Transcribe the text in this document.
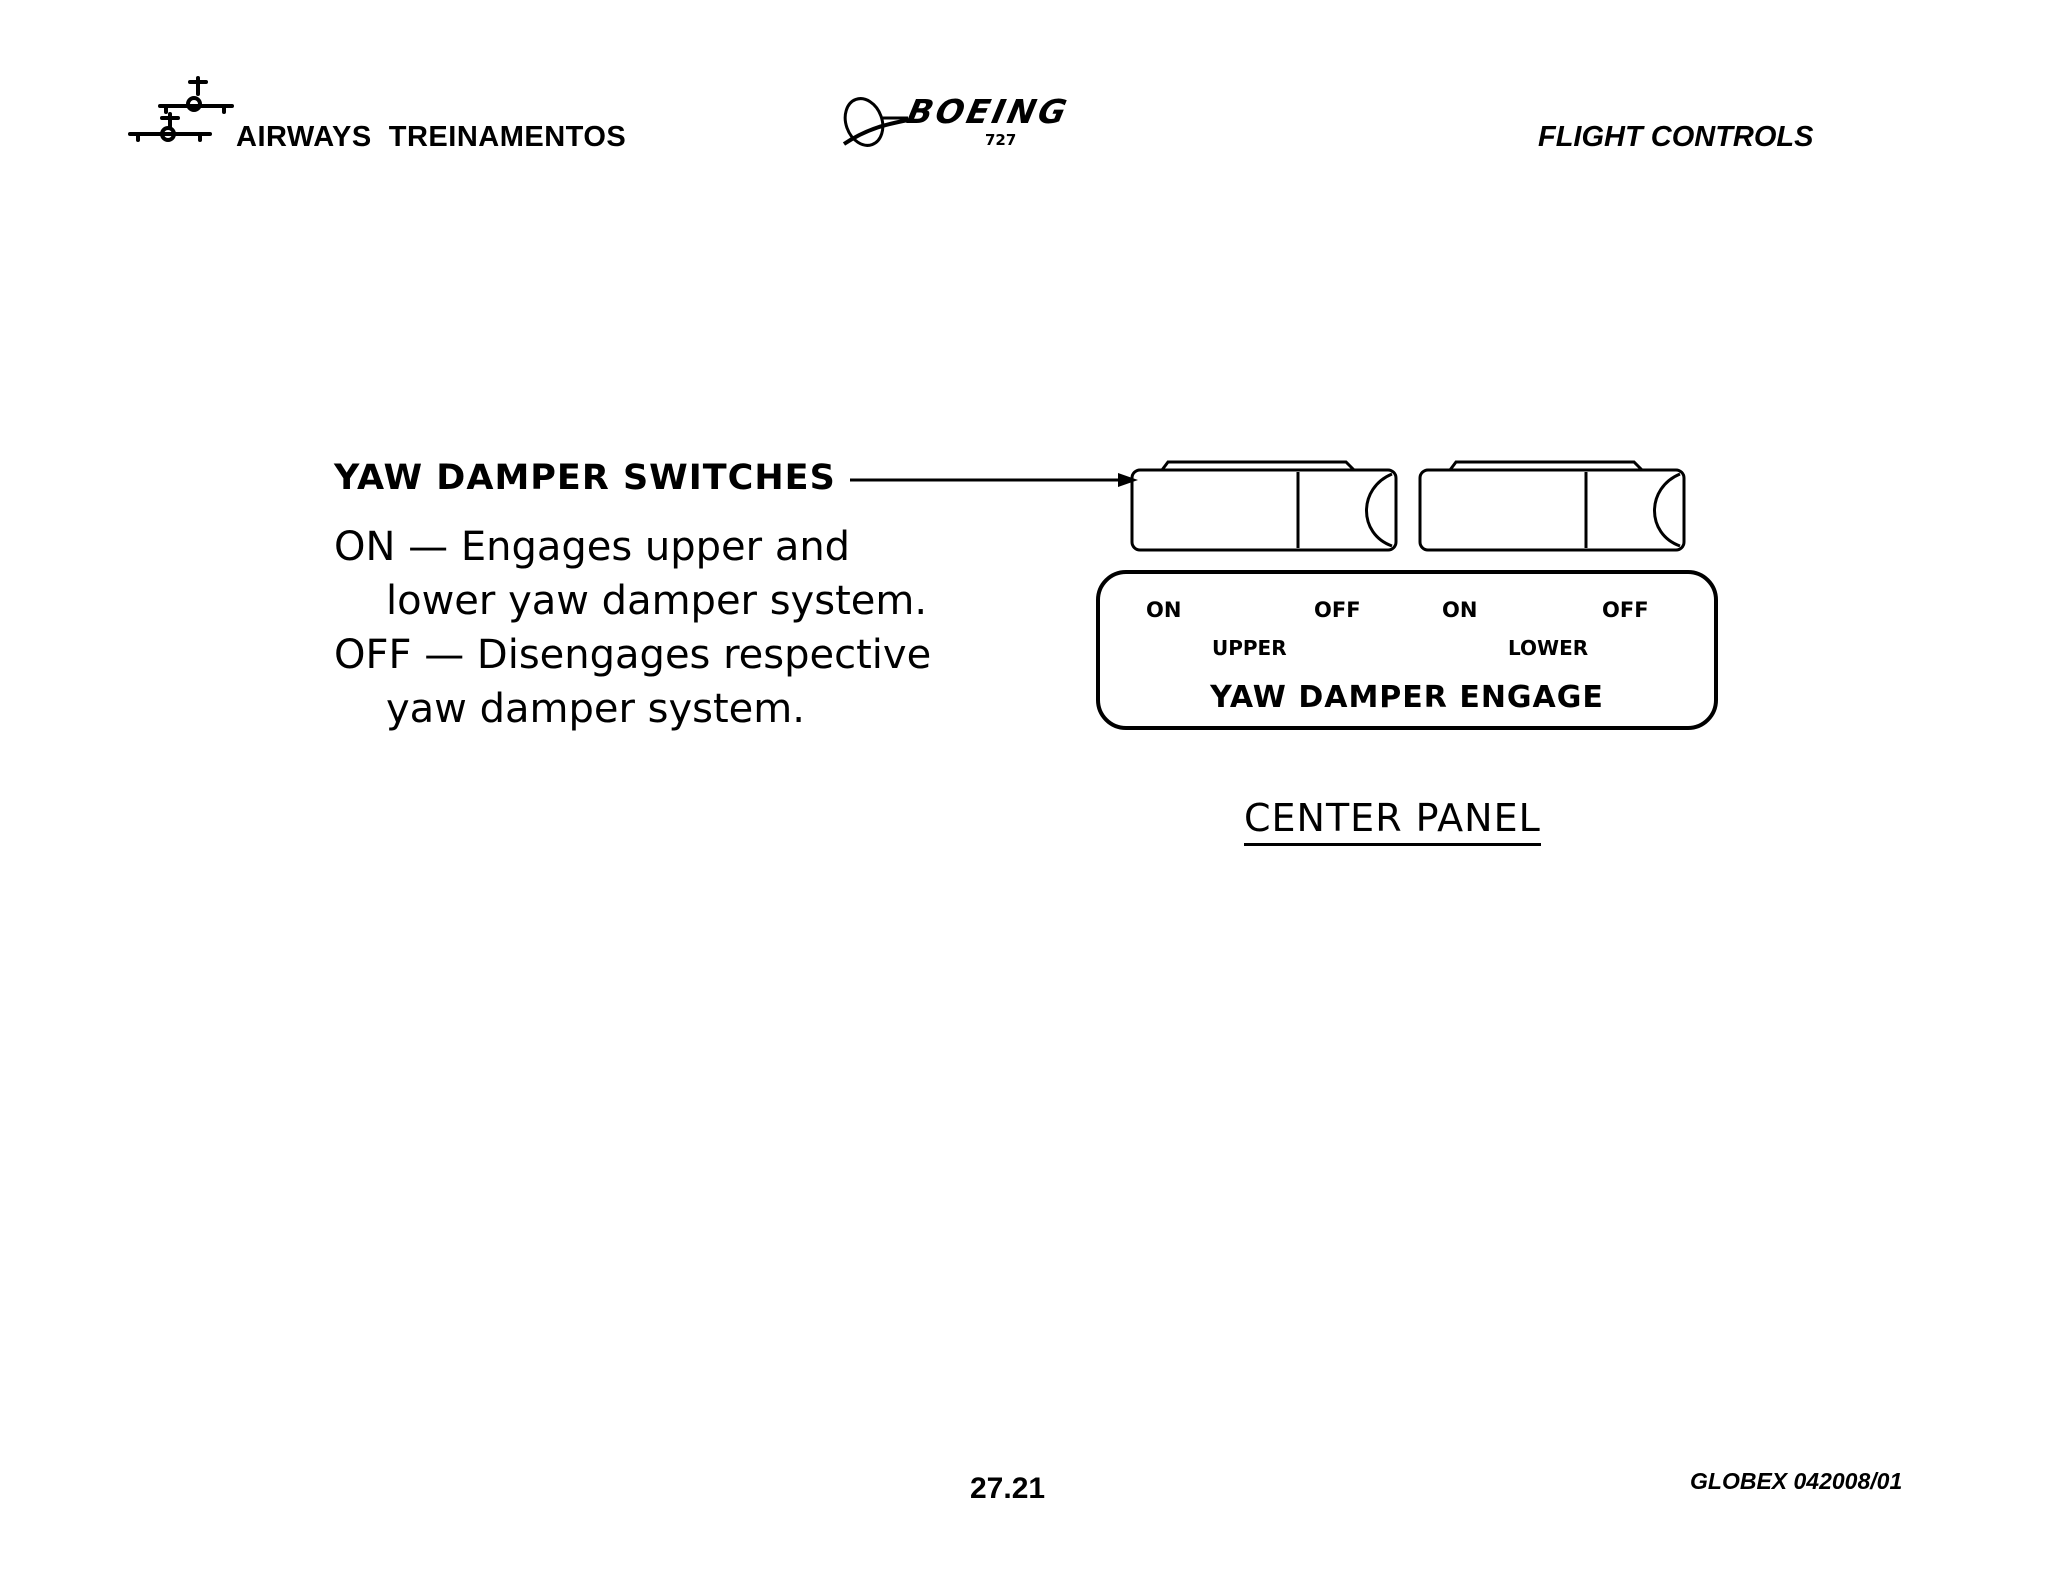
AIRWAYS  TREINAMENTOS
BOEING
727	FLIGHT CONTROLS
YAW DAMPER SWITCHES
ON — Engages upper and
lower yaw damper system.
OFF — Disengages respective
yaw damper system.
ON	OFF	ON	OFF
UPPER	LOWER
YAW DAMPER ENGAGE
CENTER PANEL
27.21	GLOBEX 042008/01
